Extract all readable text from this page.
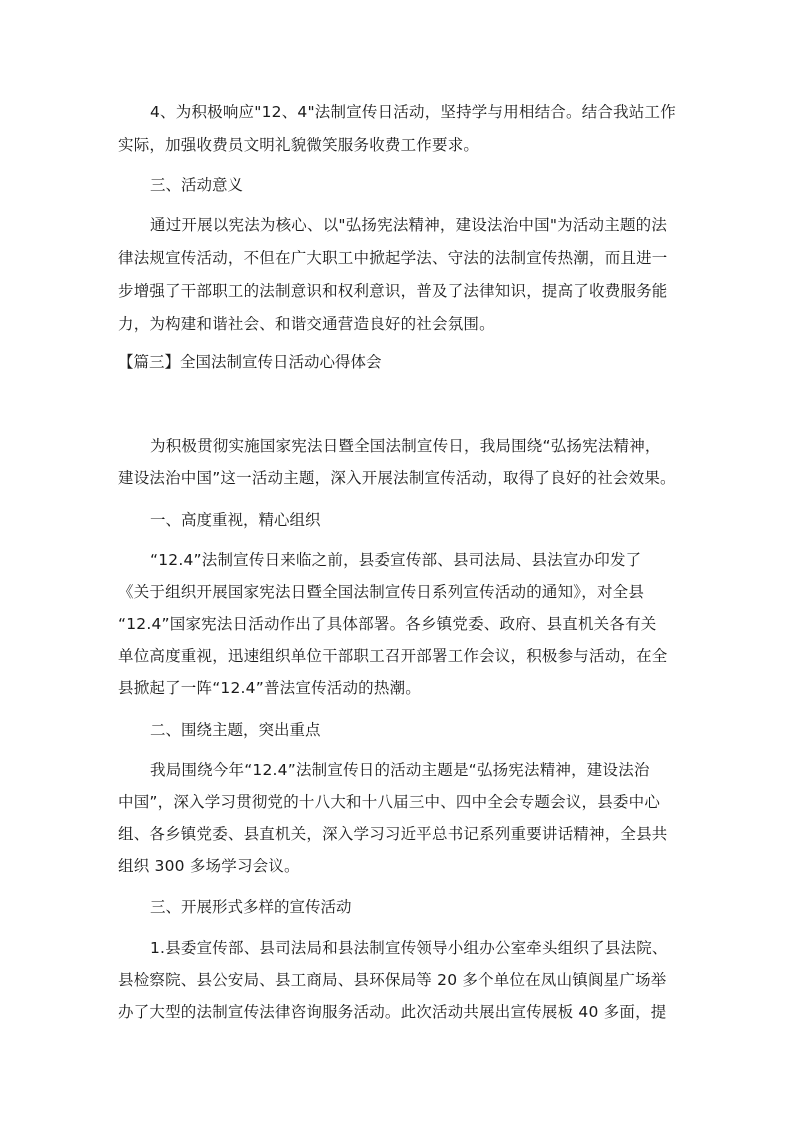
4、为积极响应"12、4"法制宣传日活动，坚持学与用相结合。结合我站工作
实际，加强收费员文明礼貌微笑服务收费工作要求。
三、活动意义
通过开展以宪法为核心、以"弘扬宪法精神，建设法治中国"为活动主题的法
律法规宣传活动，不但在广大职工中掀起学法、守法的法制宣传热潮，而且进一
步增强了干部职工的法制意识和权利意识，普及了法律知识，提高了收费服务能
力，为构建和谐社会、和谐交通营造良好的社会氛围。
【篇三】全国法制宣传日活动心得体会
为积极贯彻实施国家宪法日暨全国法制宣传日，我局围绕“弘扬宪法精神，
建设法治中国”这一活动主题，深入开展法制宣传活动，取得了良好的社会效果。
一、高度重视，精心组织
“12.4”法制宣传日来临之前，县委宣传部、县司法局、县法宣办印发了
《关于组织开展国家宪法日暨全国法制宣传日系列宣传活动的通知》，对全县
“12.4”国家宪法日活动作出了具体部署。各乡镇党委、政府、县直机关各有关
单位高度重视，迅速组织单位干部职工召开部署工作会议，积极参与活动，在全
县掀起了一阵“12.4”普法宣传活动的热潮。
二、围绕主题，突出重点
我局围绕今年“12.4”法制宣传日的活动主题是“弘扬宪法精神，建设法治
中国”，深入学习贯彻党的十八大和十八届三中、四中全会专题会议，县委中心
组、各乡镇党委、县直机关，深入学习习近平总书记系列重要讲话精神，全县共
组织 300 多场学习会议。
三、开展形式多样的宣传活动
1.县委宣传部、县司法局和县法制宣传领导小组办公室牵头组织了县法院、
县检察院、县公安局、县工商局、县环保局等 20 多个单位在凤山镇阆星广场举
办了大型的法制宣传法律咨询服务活动。此次活动共展出宣传展板 40 多面，提
